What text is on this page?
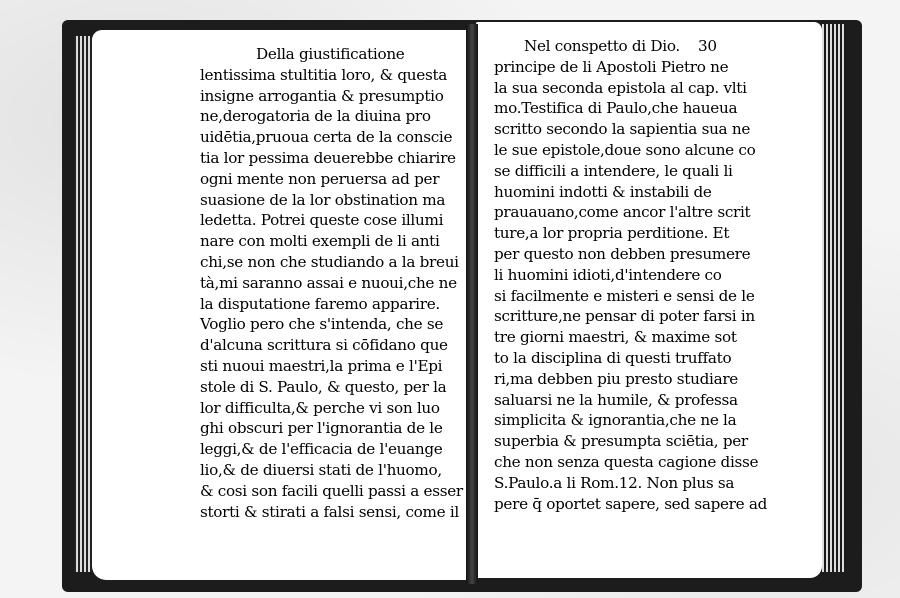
Della giustificatione
lentissima stultitia loro, & questa
insigne arrogantia & presumptio
ne,derogatoria de la diuina pro
uidētia,pruoua certa de la conscie
tia lor pessima deuerebbe chiarire
ogni mente non peruersa ad per
suasione de la lor obstination ma
ledetta. Potrei queste cose illumi
nare con molti exempli de li anti
chi,se non che studiando a la breui
tà,mi saranno assai e nuoui,che ne
la disputatione faremo apparire.
Voglio pero che s'intenda, che se
d'alcuna scrittura si cōfidano que
sti nuoui maestri,la prima e l'Epi
stole di S. Paulo, & questo, per la
lor difficulta,& perche vi son luo
ghi obscuri per l'ignorantia de le
leggi,& de l'efficacia de l'euange
lio,& de diuersi stati de l'huomo,
& cosi son facili quelli passi a esser
storti & stirati a falsi sensi, come il
Nel conspetto di Dio. 30
principe de li Apostoli Pietro ne
la sua seconda epistola al cap. vlti
mo.Testifica di Paulo,che haueua
scritto secondo la sapientia sua ne
le sue epistole,doue sono alcune co
se difficili a intendere, le quali li
huomini indotti & instabili de
prauauano,come ancor l'altre scrit
ture,a lor propria perditione. Et
per questo non debben presumere
li huomini idioti,d'intendere co
si facilmente e misteri e sensi de le
scritture,ne pensar di poter farsi in
tre giorni maestri, & maxime sot
to la disciplina di questi truffato
ri,ma debben piu presto studiare
saluarsi ne la humile, & professa
simplicita & ignorantia,che ne la
superbia & presumpta sciētia, per
che non senza questa cagione disse
S.Paulo.a li Rom.12. Non plus sa
pere q̄ oportet sapere, sed sapere ad
